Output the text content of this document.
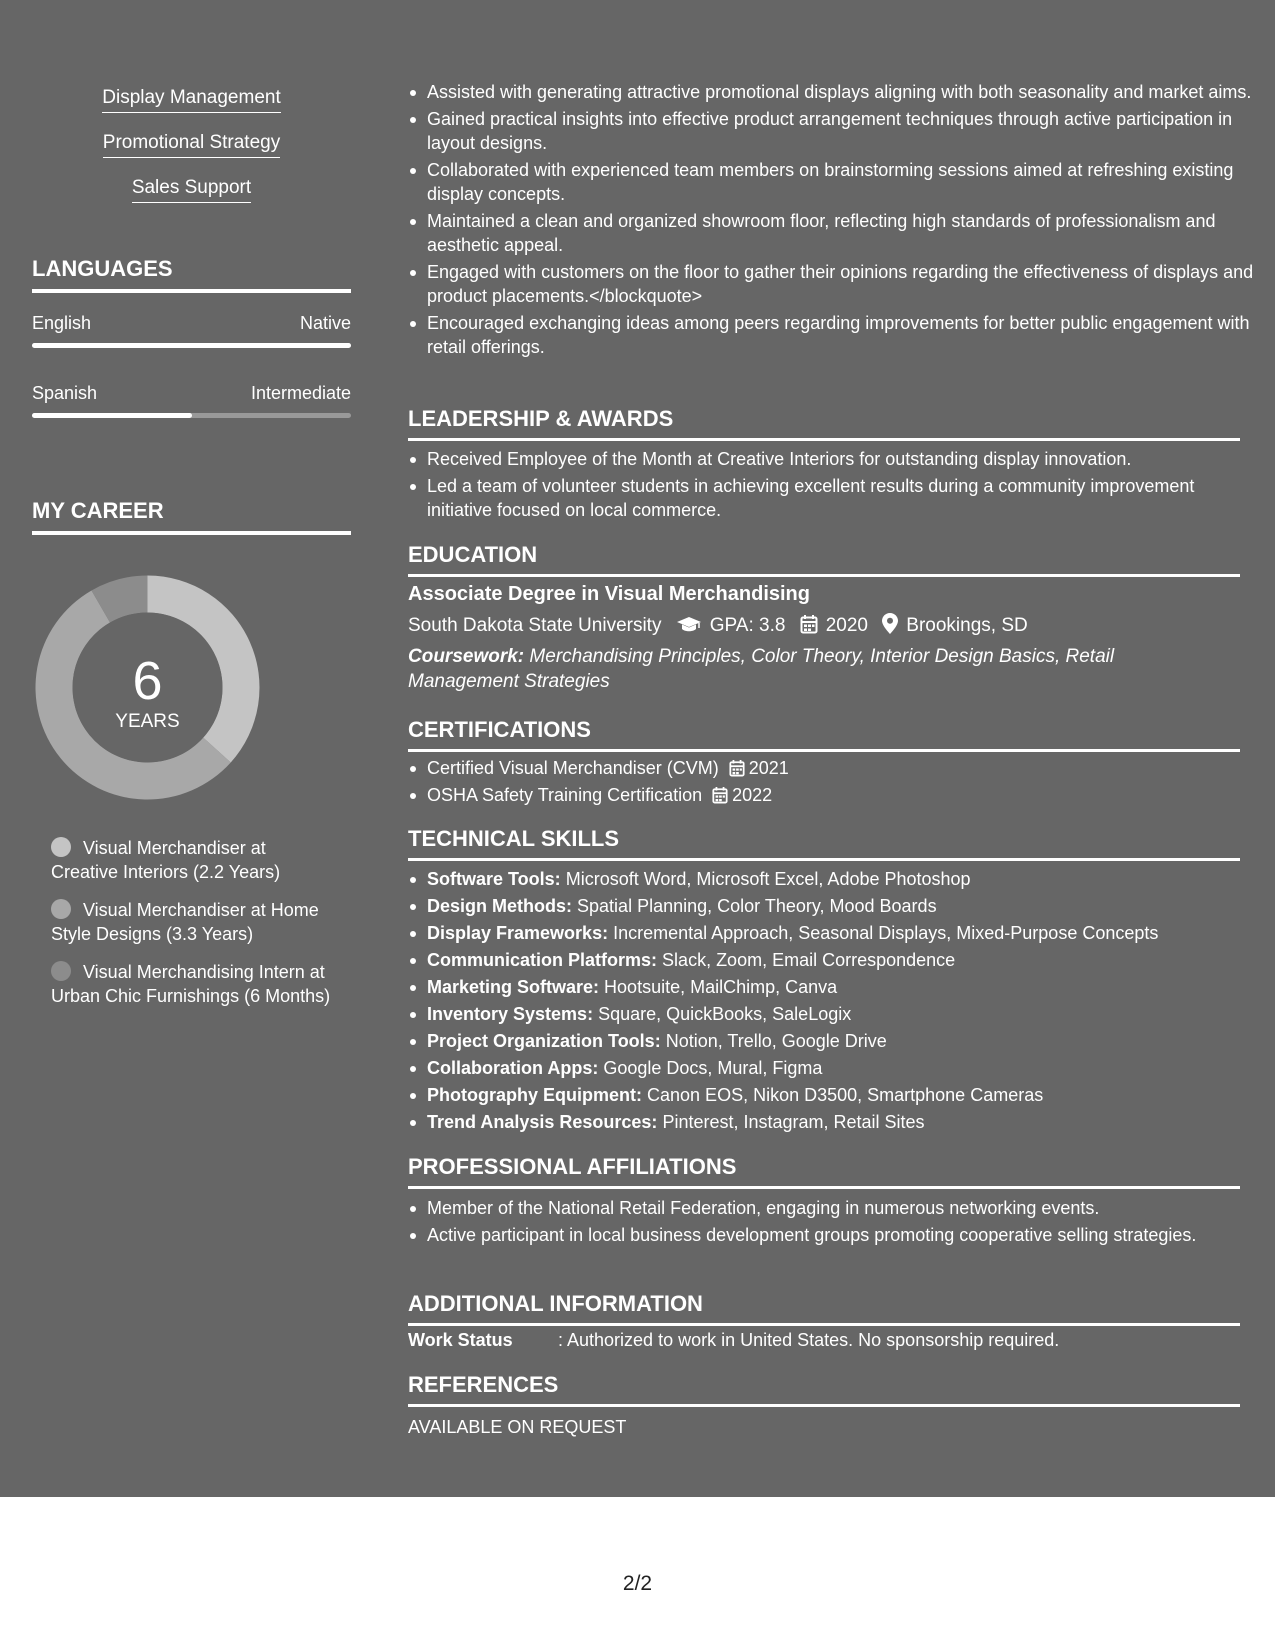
Display Management
Promotional Strategy
Sales Support
LANGUAGES
English	Native
Spanish	Intermediate
MY CAREER
6
YEARS
Visual Merchandiser at Creative Interiors (2.2 Years)
Visual Merchandiser at Home Style Designs (3.3 Years)
Visual Merchandising Intern at Urban Chic Furnishings (6 Months)
Assisted with generating attractive promotional displays aligning with both seasonality and market aims.
Gained practical insights into effective product arrangement techniques through active participation in layout designs.
Collaborated with experienced team members on brainstorming sessions aimed at refreshing existing display concepts.
Maintained a clean and organized showroom floor, reflecting high standards of professionalism and aesthetic appeal.
Engaged with customers on the floor to gather their opinions regarding the effectiveness of displays and product placements.</blockquote>
Encouraged exchanging ideas among peers regarding improvements for better public engagement with retail offerings.
LEADERSHIP & AWARDS
Received Employee of the Month at Creative Interiors for outstanding display innovation.
Led a team of volunteer students in achieving excellent results during a community improvement initiative focused on local commerce.
EDUCATION
Associate Degree in Visual Merchandising
South Dakota State University	GPA: 3.8 2020 Brookings, SD
Coursework: Merchandising Principles, Color Theory, Interior Design Basics, Retail Management Strategies
CERTIFICATIONS
Certified Visual Merchandiser (CVM) 2021
OSHA Safety Training Certification 2022
TECHNICAL SKILLS
Software Tools: Microsoft Word, Microsoft Excel, Adobe Photoshop
Design Methods: Spatial Planning, Color Theory, Mood Boards
Display Frameworks: Incremental Approach, Seasonal Displays, Mixed-Purpose Concepts
Communication Platforms: Slack, Zoom, Email Correspondence
Marketing Software: Hootsuite, MailChimp, Canva
Inventory Systems: Square, QuickBooks, SaleLogix
Project Organization Tools: Notion, Trello, Google Drive
Collaboration Apps: Google Docs, Mural, Figma
Photography Equipment: Canon EOS, Nikon D3500, Smartphone Cameras
Trend Analysis Resources: Pinterest, Instagram, Retail Sites
PROFESSIONAL AFFILIATIONS
Member of the National Retail Federation, engaging in numerous networking events.
Active participant in local business development groups promoting cooperative selling strategies.
ADDITIONAL INFORMATION
Work Status	: Authorized to work in United States. No sponsorship required.
REFERENCES
AVAILABLE ON REQUEST
2/2
